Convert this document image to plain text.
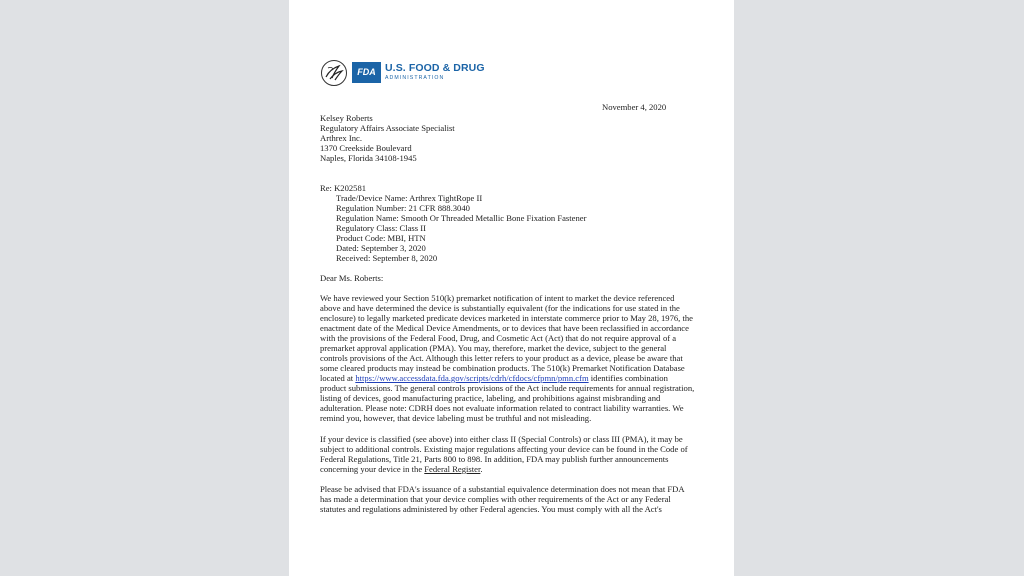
FDA U.S. FOOD & DRUG
ADMINISTRATION
November 4, 2020
Kelsey Roberts
Regulatory Affairs Associate Specialist
Arthrex Inc.
1370 Creekside Boulevard
Naples, Florida 34108-1945
Re: K202581
Trade/Device Name: Arthrex TightRope II
Regulation Number: 21 CFR 888.3040
Regulation Name: Smooth Or Threaded Metallic Bone Fixation Fastener
Regulatory Class: Class II
Product Code: MBI, HTN
Dated: September 3, 2020
Received: September 8, 2020
Dear Ms. Roberts:
We have reviewed your Section 510(k) premarket notification of intent to market the device referenced
above and have determined the device is substantially equivalent (for the indications for use stated in the
enclosure) to legally marketed predicate devices marketed in interstate commerce prior to May 28, 1976, the
enactment date of the Medical Device Amendments, or to devices that have been reclassified in accordance
with the provisions of the Federal Food, Drug, and Cosmetic Act (Act) that do not require approval of a
premarket approval application (PMA). You may, therefore, market the device, subject to the general
controls provisions of the Act. Although this letter refers to your product as a device, please be aware that
some cleared products may instead be combination products. The 510(k) Premarket Notification Database
located at https://www.accessdata.fda.gov/scripts/cdrh/cfdocs/cfpmn/pmn.cfm identifies combination
product submissions. The general controls provisions of the Act include requirements for annual registration,
listing of devices, good manufacturing practice, labeling, and prohibitions against misbranding and
adulteration. Please note: CDRH does not evaluate information related to contract liability warranties. We
remind you, however, that device labeling must be truthful and not misleading.
If your device is classified (see above) into either class II (Special Controls) or class III (PMA), it may be
subject to additional controls. Existing major regulations affecting your device can be found in the Code of
Federal Regulations, Title 21, Parts 800 to 898. In addition, FDA may publish further announcements
concerning your device in the Federal Register.
Please be advised that FDA's issuance of a substantial equivalence determination does not mean that FDA
has made a determination that your device complies with other requirements of the Act or any Federal
statutes and regulations administered by other Federal agencies. You must comply with all the Act's
